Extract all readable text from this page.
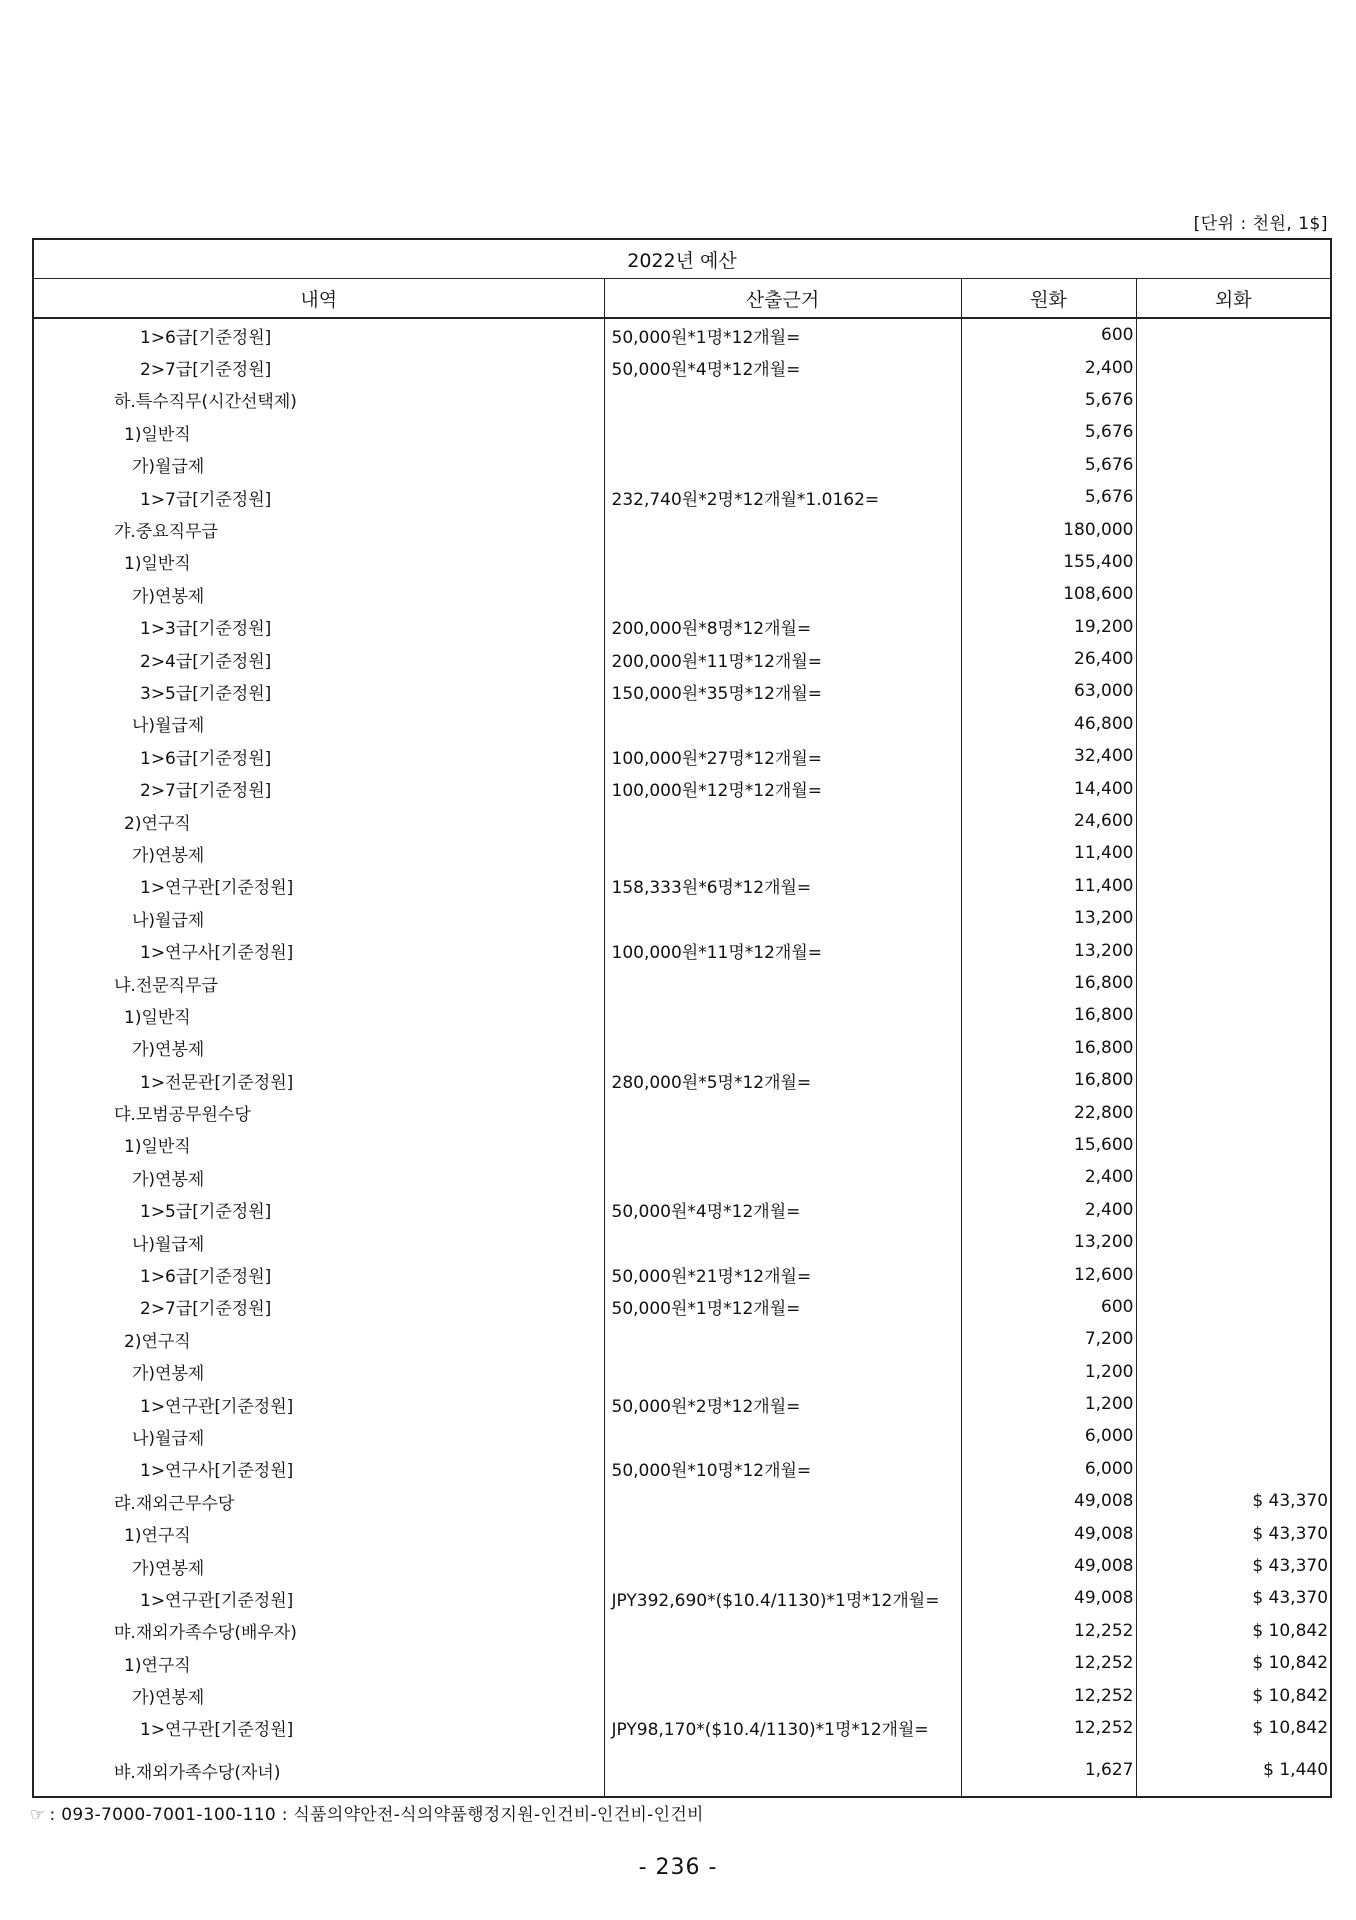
[단위 : 천원, 1$]
2022년 예산			
내역	산출근거	원화	외화
1>6급[기준정원]	50,000원*1명*12개월=	600	
2>7급[기준정원]	50,000원*4명*12개월=	2,400	
하.특수직무(시간선택제)		5,676	
1)일반직		5,676	
가)월급제		5,676	
1>7급[기준정원]	232,740원*2명*12개월*1.0162=	5,676	
갸.중요직무급		180,000	
1)일반직		155,400	
가)연봉제		108,600	
1>3급[기준정원]	200,000원*8명*12개월=	19,200	
2>4급[기준정원]	200,000원*11명*12개월=	26,400	
3>5급[기준정원]	150,000원*35명*12개월=	63,000	
나)월급제		46,800	
1>6급[기준정원]	100,000원*27명*12개월=	32,400	
2>7급[기준정원]	100,000원*12명*12개월=	14,400	
2)연구직		24,600	
가)연봉제		11,400	
1>연구관[기준정원]	158,333원*6명*12개월=	11,400	
나)월급제		13,200	
1>연구사[기준정원]	100,000원*11명*12개월=	13,200	
냐.전문직무급		16,800	
1)일반직		16,800	
가)연봉제		16,800	
1>전문관[기준정원]	280,000원*5명*12개월=	16,800	
댜.모범공무원수당		22,800	
1)일반직		15,600	
가)연봉제		2,400	
1>5급[기준정원]	50,000원*4명*12개월=	2,400	
나)월급제		13,200	
1>6급[기준정원]	50,000원*21명*12개월=	12,600	
2>7급[기준정원]	50,000원*1명*12개월=	600	
2)연구직		7,200	
가)연봉제		1,200	
1>연구관[기준정원]	50,000원*2명*12개월=	1,200	
나)월급제		6,000	
1>연구사[기준정원]	50,000원*10명*12개월=	6,000	
랴.재외근무수당		49,008	$ 43,370
1)연구직		49,008	$ 43,370
가)연봉제		49,008	$ 43,370
1>연구관[기준정원]	JPY392,690*($10.4/1130)*1명*12개월=	49,008	$ 43,370
먀.재외가족수당(배우자)		12,252	$ 10,842
1)연구직		12,252	$ 10,842
가)연봉제		12,252	$ 10,842
1>연구관[기준정원]	JPY98,170*($10.4/1130)*1명*12개월=	12,252	$ 10,842
뱌.재외가족수당(자녀)		1,627	$ 1,440
☞ : 093-7000-7001-100-110 : 식품의약안전-식의약품행정지원-인건비-인건비-인건비
- 236 -
